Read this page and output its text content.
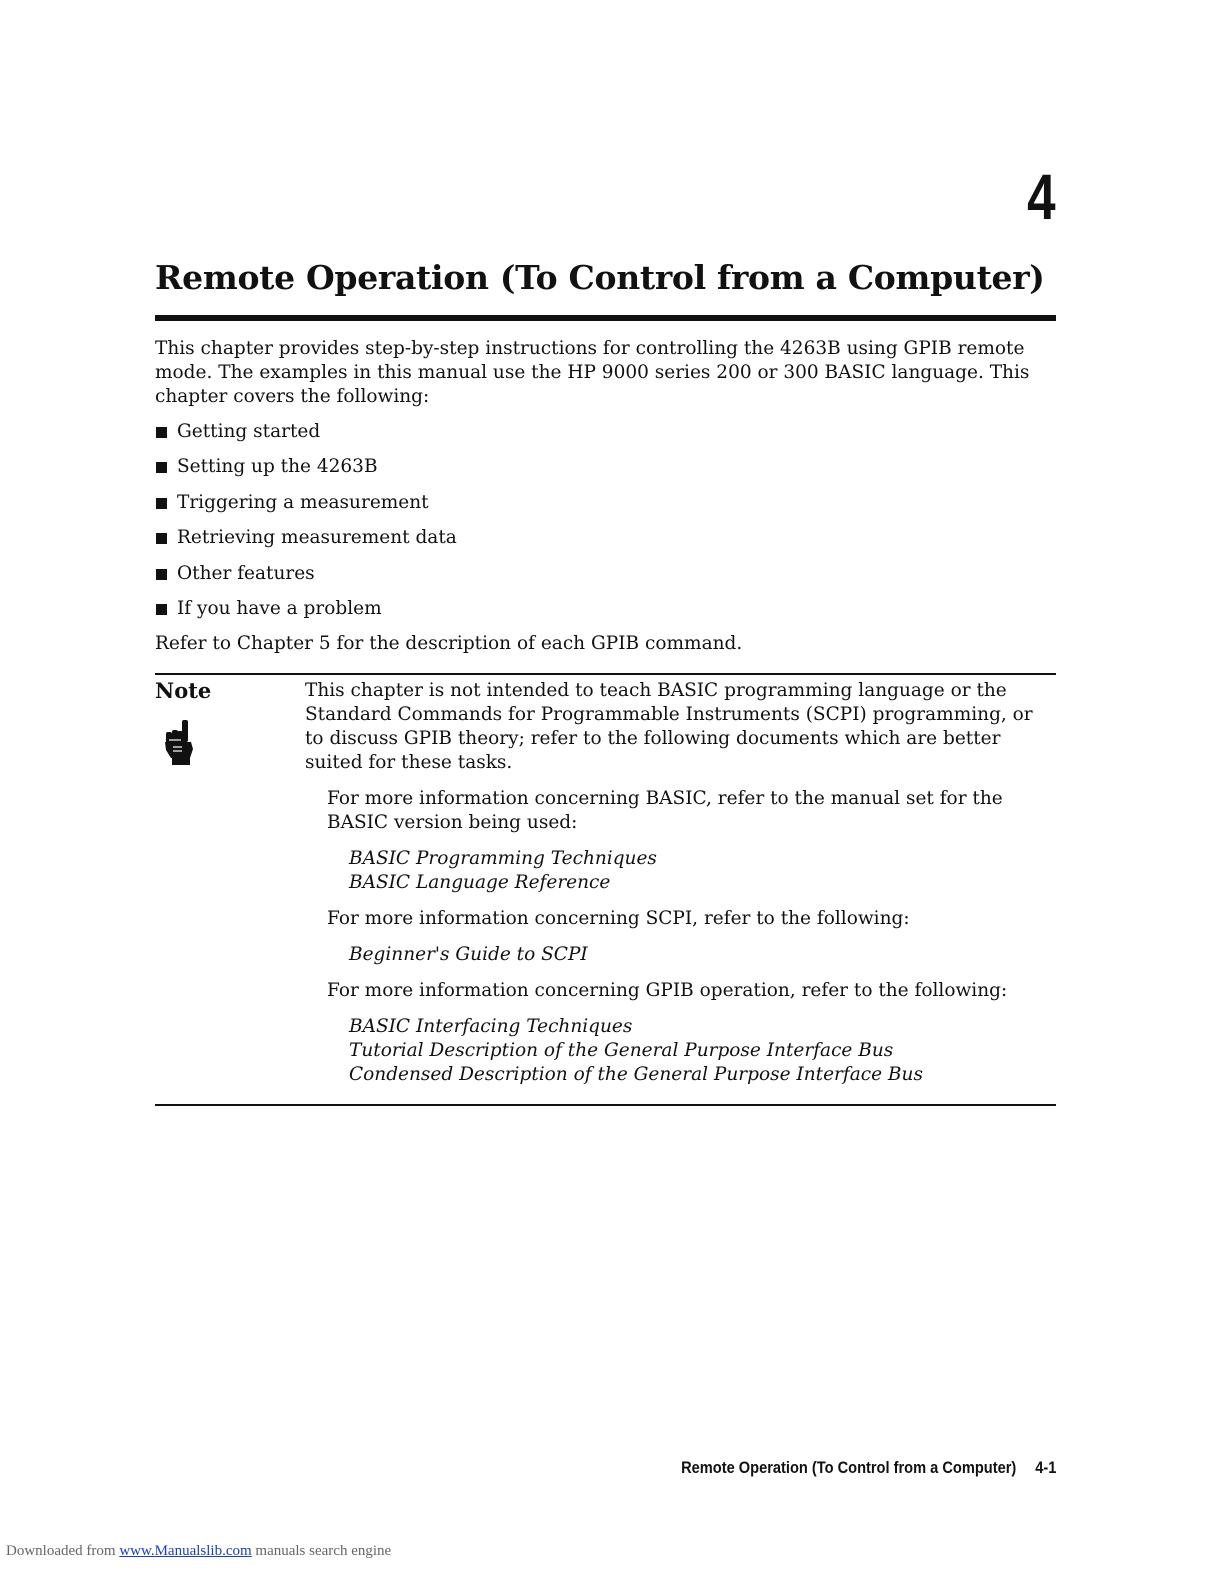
4
Remote Operation (To Control from a Computer)

This chapter provides step-by-step instructions for controlling the 4263B using GPIB remote mode. The examples in this manual use the HP 9000 series 200 or 300 BASIC language. This chapter covers the following:

Getting started
Setting up the 4263B
Triggering a measurement
Retrieving measurement data
Other features
If you have a problem

Refer to Chapter 5 for the description of each GPIB command.

Note	This chapter is not intended to teach BASIC programming language or the Standard Commands for Programmable Instruments (SCPI) programming, or to discuss GPIB theory; refer to the following documents which are better suited for these tasks.

For more information concerning BASIC, refer to the manual set for the BASIC version being used:

BASIC Programming Techniques

BASIC Language Reference

For more information concerning SCPI, refer to the following:

Beginner's Guide to SCPI

For more information concerning GPIB operation, refer to the following:

BASIC Interfacing Techniques

Tutorial Description of the General Purpose Interface Bus

Condensed Description of the General Purpose Interface Bus

Remote Operation (To Control from a Computer) 4-1
Downloaded from www.Manualslib.com manuals search engine
